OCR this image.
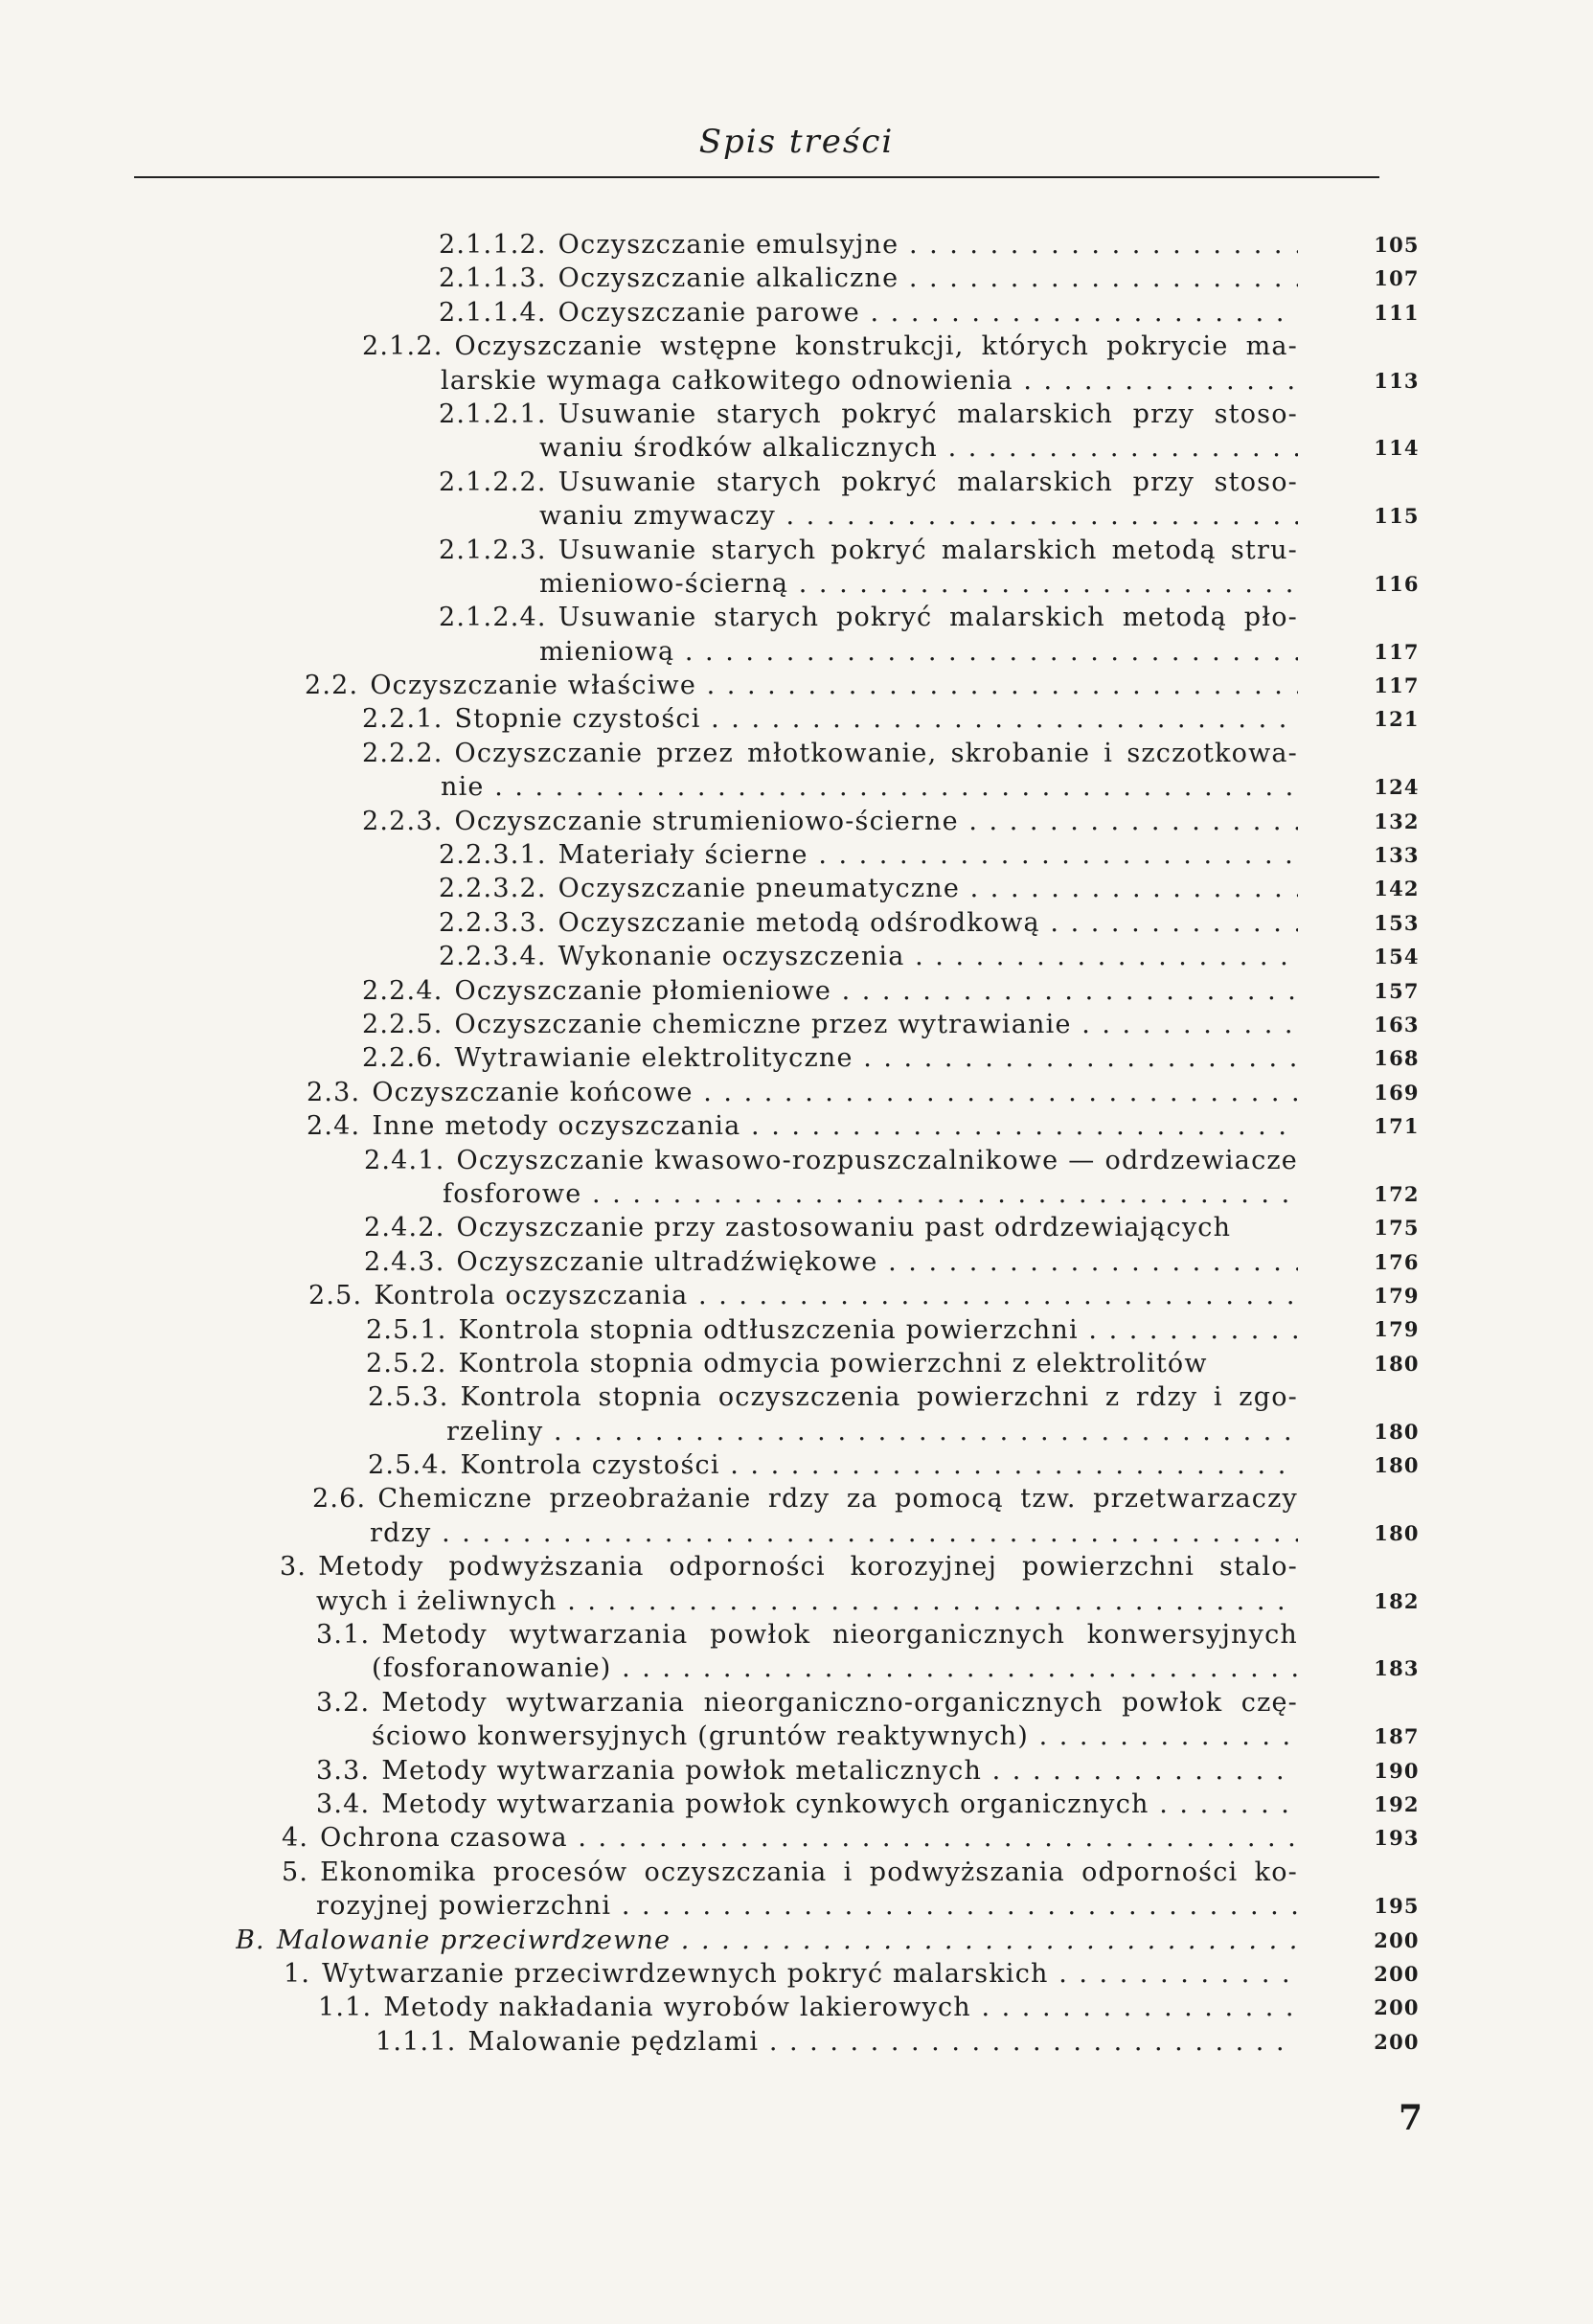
Spis treści
2.1.1.2. Oczyszczanie emulsyjne . . .	105
2.1.1.3. Oczyszczanie alkaliczne . . .	107
2.1.1.4. Oczyszczanie parowe . . .	111
2.1.2. Oczyszczanie wstępne konstrukcji, których pokrycie ma-
larskie wymaga całkowitego odnowienia . . .	113
2.1.2.1. Usuwanie starych pokryć malarskich przy stoso-
waniu środków alkalicznych . . .	114
2.1.2.2. Usuwanie starych pokryć malarskich przy stoso-
waniu zmywaczy . . .	115
2.1.2.3. Usuwanie starych pokryć malarskich metodą stru-
mieniowo-ścierną . . .	116
2.1.2.4. Usuwanie starych pokryć malarskich metodą pło-
mieniową . . .	117
2.2. Oczyszczanie właściwe . . .	117
2.2.1. Stopnie czystości . . .	121
2.2.2. Oczyszczanie przez młotkowanie, skrobanie i szczotkowa-
nie . . .	124
2.2.3. Oczyszczanie strumieniowo-ścierne . . .	132
2.2.3.1. Materiały ścierne . . .	133
2.2.3.2. Oczyszczanie pneumatyczne . . .	142
2.2.3.3. Oczyszczanie metodą odśrodkową . . .	153
2.2.3.4. Wykonanie oczyszczenia . . .	154
2.2.4. Oczyszczanie płomieniowe . . .	157
2.2.5. Oczyszczanie chemiczne przez wytrawianie . . .	163
2.2.6. Wytrawianie elektrolityczne . . .	168
2.3. Oczyszczanie końcowe . . .	169
2.4. Inne metody oczyszczania . . .	171
2.4.1. Oczyszczanie kwasowo-rozpuszczalnikowe — odrdzewiacze
fosforowe . . .	172
2.4.2. Oczyszczanie przy zastosowaniu past odrdzewiających	175
2.4.3. Oczyszczanie ultradźwiękowe . . .	176
2.5. Kontrola oczyszczania . . .	179
2.5.1. Kontrola stopnia odtłuszczenia powierzchni . . .	179
2.5.2. Kontrola stopnia odmycia powierzchni z elektrolitów	180
2.5.3. Kontrola stopnia oczyszczenia powierzchni z rdzy i zgo-
rzeliny . . .	180
2.5.4. Kontrola czystości . . .	180
2.6. Chemiczne przeobrażanie rdzy za pomocą tzw. przetwarzaczy
rdzy . . .	180
3. Metody podwyższania odporności korozyjnej powierzchni stalo-
wych i żeliwnych . . .	182
3.1. Metody wytwarzania powłok nieorganicznych konwersyjnych
(fosforanowanie) . . .	183
3.2. Metody wytwarzania nieorganiczno-organicznych powłok czę-
ściowo konwersyjnych (gruntów reaktywnych) . . .	187
3.3. Metody wytwarzania powłok metalicznych . . .	190
3.4. Metody wytwarzania powłok cynkowych organicznych . . .	192
4. Ochrona czasowa . . .	193
5. Ekonomika procesów oczyszczania i podwyższania odporności ko-
rozyjnej powierzchni . . .	195
B. Malowanie przeciwrdzewne . . .	200
1. Wytwarzanie przeciwrdzewnych pokryć malarskich . . .	200
1.1. Metody nakładania wyrobów lakierowych . . .	200
1.1.1. Malowanie pędzlami . . .	200
7
